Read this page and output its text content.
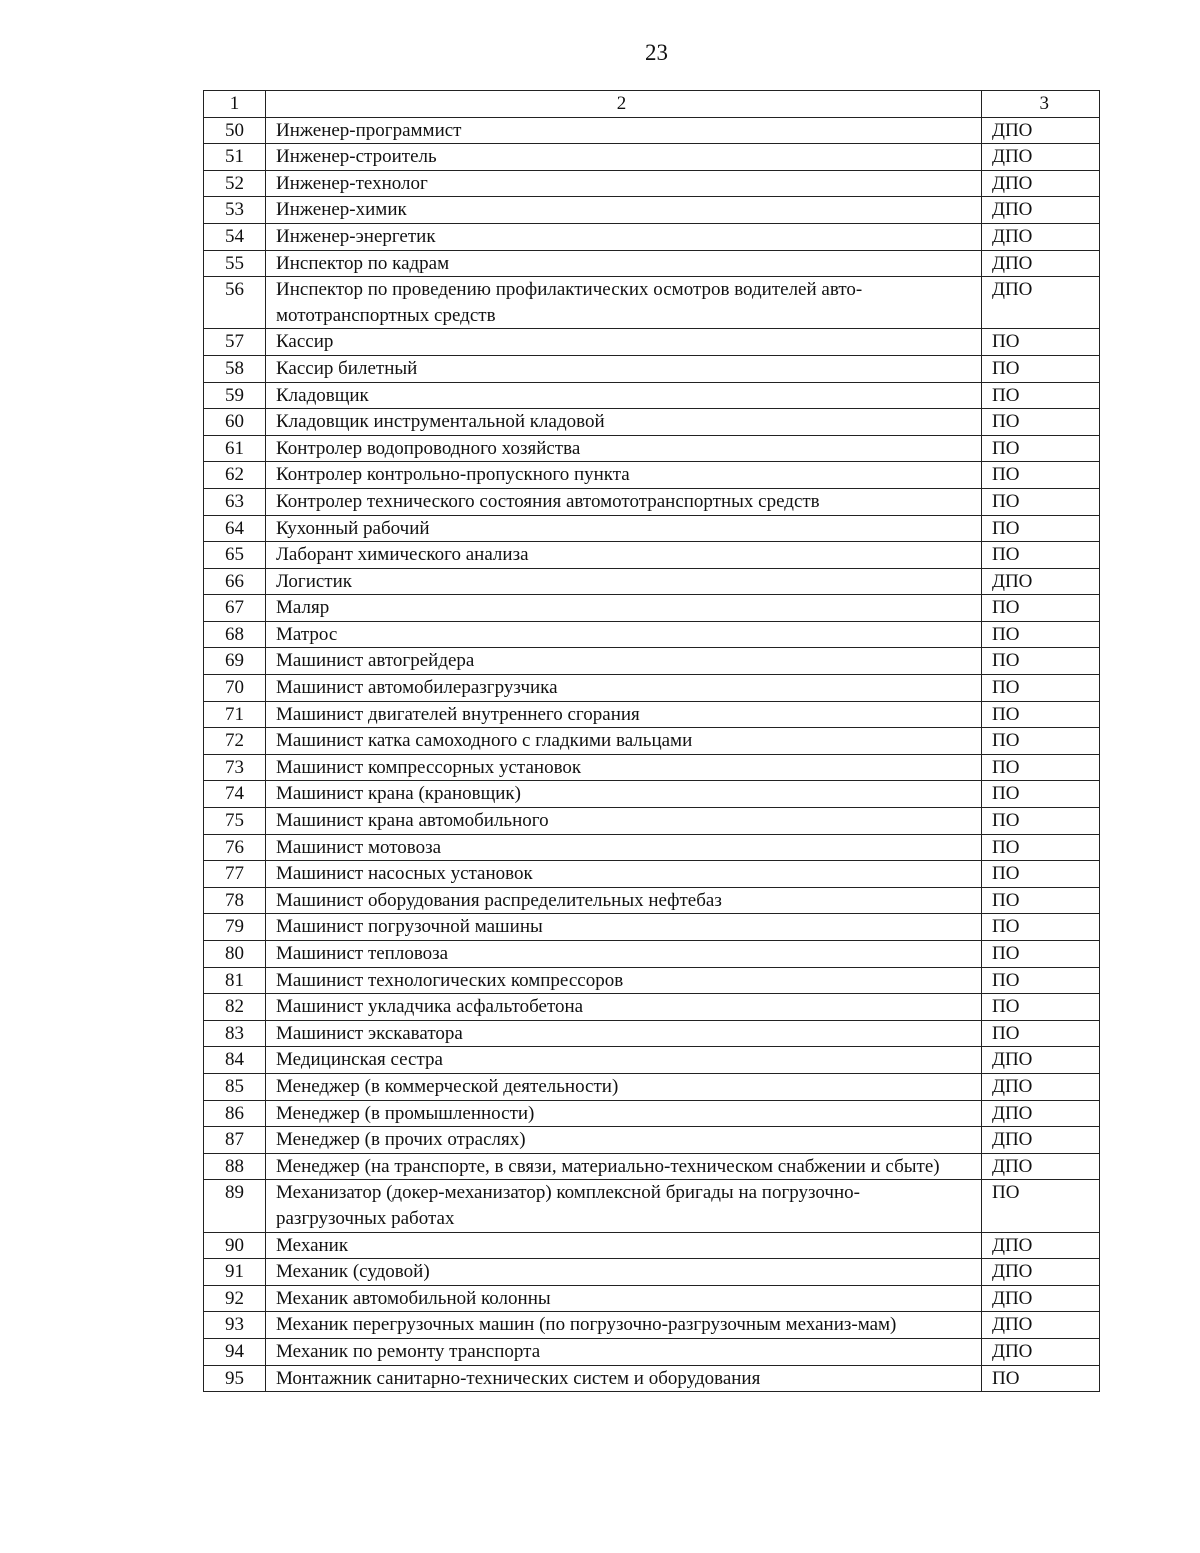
23
1	2	3
50	Инженер-программист	ДПО
51	Инженер-строитель	ДПО
52	Инженер-технолог	ДПО
53	Инженер-химик	ДПО
54	Инженер-энергетик	ДПО
55	Инспектор по кадрам	ДПО
56	Инспектор по проведению профилактических осмотров водителей авто-мототранспортных средств	ДПО
57	Кассир	ПО
58	Кассир билетный	ПО
59	Кладовщик	ПО
60	Кладовщик инструментальной кладовой	ПО
61	Контролер водопроводного хозяйства	ПО
62	Контролер контрольно-пропускного пункта	ПО
63	Контролер технического состояния автомототранспортных средств	ПО
64	Кухонный рабочий	ПО
65	Лаборант химического анализа	ПО
66	Логистик	ДПО
67	Маляр	ПО
68	Матрос	ПО
69	Машинист автогрейдера	ПО
70	Машинист автомобилеразгрузчика	ПО
71	Машинист двигателей внутреннего сгорания	ПО
72	Машинист катка самоходного с гладкими вальцами	ПО
73	Машинист компрессорных установок	ПО
74	Машинист крана (крановщик)	ПО
75	Машинист крана автомобильного	ПО
76	Машинист мотовоза	ПО
77	Машинист насосных установок	ПО
78	Машинист оборудования распределительных нефтебаз	ПО
79	Машинист погрузочной машины	ПО
80	Машинист тепловоза	ПО
81	Машинист технологических компрессоров	ПО
82	Машинист укладчика асфальтобетона	ПО
83	Машинист экскаватора	ПО
84	Медицинская сестра	ДПО
85	Менеджер (в коммерческой деятельности)	ДПО
86	Менеджер (в промышленности)	ДПО
87	Менеджер (в прочих отраслях)	ДПО
88	Менеджер (на транспорте, в связи, материально-техническом снабжении и сбыте)	ДПО
89	Механизатор (докер-механизатор) комплексной бригады на погрузочно-разгрузочных работах	ПО
90	Механик	ДПО
91	Механик (судовой)	ДПО
92	Механик автомобильной колонны	ДПО
93	Механик перегрузочных машин (по погрузочно-разгрузочным механиз-мам)	ДПО
94	Механик по ремонту транспорта	ДПО
95	Монтажник санитарно-технических систем и оборудования	ПО
